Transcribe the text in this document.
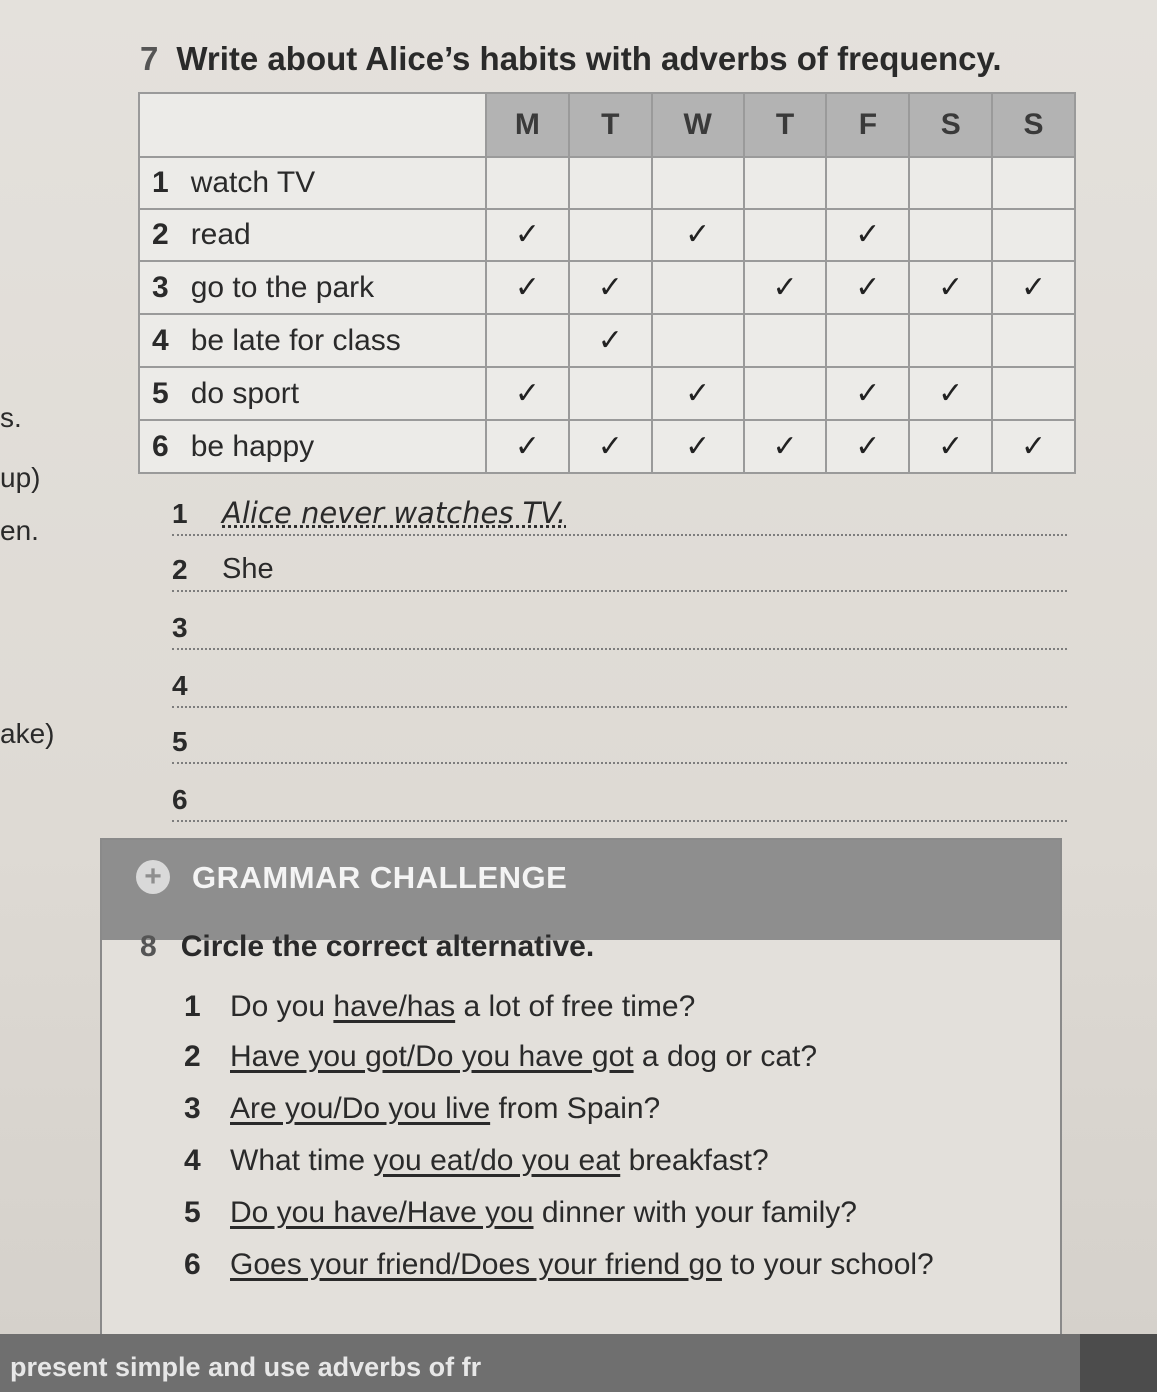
s.
up)
en.
ake)
7 Write about Alice’s habits with adverbs of frequency.
	M	T	W	T	F	S	S
1 watch TV							
2 read	✓		✓		✓		
3 go to the park	✓	✓		✓	✓	✓	✓
4 be late for class		✓					
5 do sport	✓		✓		✓	✓	
6 be happy	✓	✓	✓	✓	✓	✓	✓
1 Alice never watches TV.
2 She
3
4
5
6
+ GRAMMAR CHALLENGE
8 Circle the correct alternative.
1 Do you have/has a lot of free time?
2 Have you got/Do you have got a dog or cat?
3 Are you/Do you live from Spain?
4 What time you eat/do you eat breakfast?
5 Do you have/Have you dinner with your family?
6 Goes your friend/Does your friend go to your school?
present simple and use adverbs of fr
